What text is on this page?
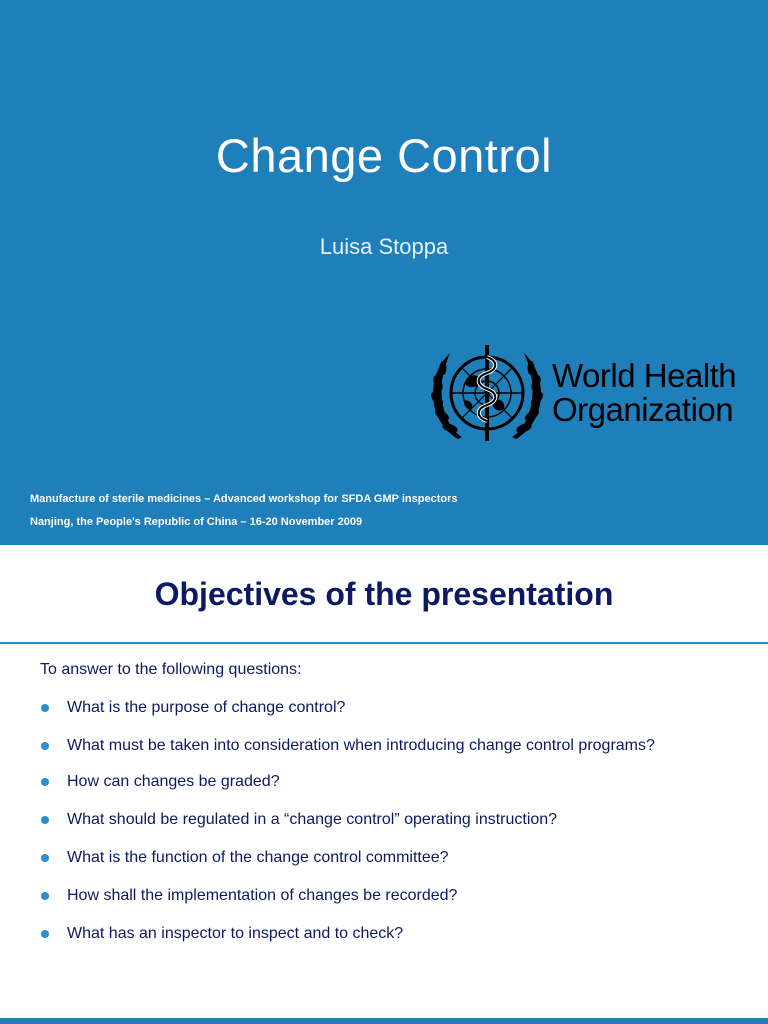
Change Control
Luisa Stoppa
World Health
Organization
Manufacture of sterile medicines – Advanced workshop for SFDA GMP inspectors
Nanjing, the People's Republic of China – 16-20 November 2009
Objectives of the presentation
To answer to the following questions:
What is the purpose of change control?
What must be taken into consideration when introducing change control programs?
How can changes be graded?
What should be regulated in a “change control” operating instruction?
What is the function of the change control committee?
How shall the implementation of changes be recorded?
What has an inspector to inspect and to check?
